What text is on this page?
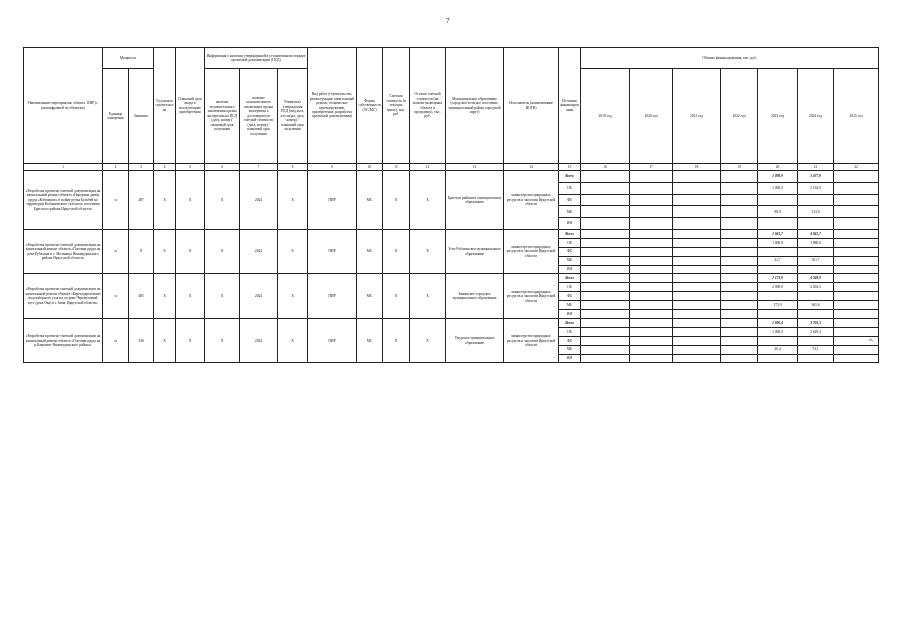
7
Наименование мероприятия, объекта, ПИР (с расшифровкой по объектам)	Мощность		Год начала строительства	Плановый срок ввода в эксплуатацию/приобретения	Информация о наличии утвержденной в установленном порядке проектной документации (ПСД)			Вид работ (строительство, реконструкция, капитальный ремонт, техническое перевооружение, приобретение, разработка проектной документации)	Форма собственности (ОС/МС)	Сметная стоимость (в текущих ценах), тыс. руб.	Остаток сметной стоимости (на момент включения объекта в программу), тыс. руб.	Муниципальное образование (городское/сельское поселение, муниципальный район, городской округ)	Исполнитель (наименование ИОГВ)	Источник финансирования	Объемы финансирования, тыс. руб.						
	Единица измерения	Значение			наличие положительного заключения органа экспертизы на ПСД (дата, номер)/плановый срок получения	наличие положительного заключения органа экспертизы о достоверности сметной стоимости (дата, номер) / плановый срок получения	Реквизиты утверждения ПСД (вид акта, кто издал, дата, номер) / плановый срок получения								2019 год	2020 год	2021 год	2022 год	2023 год	2024 год	2025 год
1	2	3	4	5	6	7	8	9	10	11	12	13	14	15	16	17	18	19	20	21	22
«Разработка проектно-сметной документации на капитальный ремонт объекта «Напорная дамба пруда «Кобляково» в пойме ручья Бульбей на территории Кобляковского сельского поселения Братского района Иркутской области»	м	487	Х	Х	Х	2024	Х	ПИР	МС	Х	Х	Братское районное муниципальное образование	министерство природных ресурсов и экологии Иркутской области	Всего					1 098,9	3 477,9	
														ОБ					1 000,0	3 164,9	
														ФБ							
														МБ					98,9	313,0	
														ИИ							
«Разработка проектно-сметной документации на капитальный ремонт объекта «Плотина пруда на реке Рубахина в с. Мельница Нижнеудинского района Иркутской области»	м	Х	Х	Х	Х	2024	Х	ПИР	МС	Х	Х	Усть-Рубахинское муниципальное образование	министерство природных ресурсов и экологии Иркутской области	Всего					1 041,7	4 041,7	
														ОБ					1 000,0	3 880,0	
														ФБ							
														МБ					41,7	161,7	
														ИИ							
«Разработка проектно-сметной документации на капитальный ремонт объекта «Берегоукрепление водозаборного узла на острове Черемуховый куст (река Ока) в г. Зима, Иркутской области»	м	485	Х	Х	Х	2024	Х	ПИР	МС	Х	Х	Зиминское городское муниципальное образование	министерство природных ресурсов и экологии Иркутской области	Всего					2 173,9	4 569,9	
														ОБ					2 000,0	4 204,3	
														ФБ							
														МБ					173,9	365,6	
														ИИ							
«Разработка проектно-сметной документации на капитальный ремонт объекта «Плотина пруда на р.Камышет Нижнеудинского района»	м	340	Х	Х	Х	2024	Х	ПИР	МС	Х	Х	Ужурское муниципальное образование	министерство природных ресурсов и экологии Иркутской области	Всего					1 020,4	3 703,5	
														ОБ					1 000,0	3 629,4	
														ФБ							
														МБ					20,4	74,1	
														ИИ							
».
